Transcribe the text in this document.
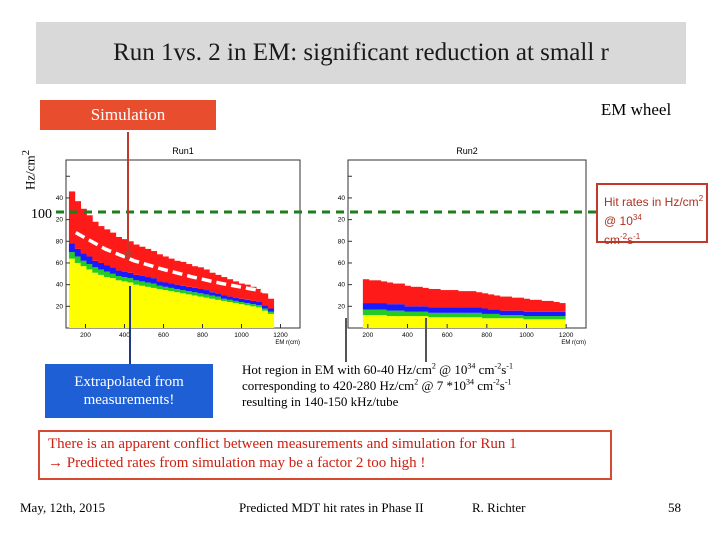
Run 1vs. 2 in EM: significant reduction at small r
Simulation	EM wheel
$Hz/cm^2$
100
Run1
200	400	600	800	1000	1200
EM r(cm)
20
40
60
80
20
40
Run2
200	400	600	800	1000	1200
EM r(cm)
20
40
60
80
20
40	Hit rates in $Hz/cm^2$ @ $10^{34}$
$cm^{-2}s^{-1}$
Extrapolated from measurements!
Hot region in EM with 60-40 $Hz/cm^2$ @ $10^{34}$ $cm^{-2}s^{-1}$
corresponding to 420-280 $Hz/cm^2$ @ 7 $*10^{34}$ $cm^{-2}s^{-1}$
resulting in 140-150 kHz/tube
There is an apparent conflict between measurements and simulation for Run 1
→ Predicted rates from simulation may be a factor 2 too high !
May, 12th, 2015	Predicted MDT hit rates in Phase II	R. Richter	58
